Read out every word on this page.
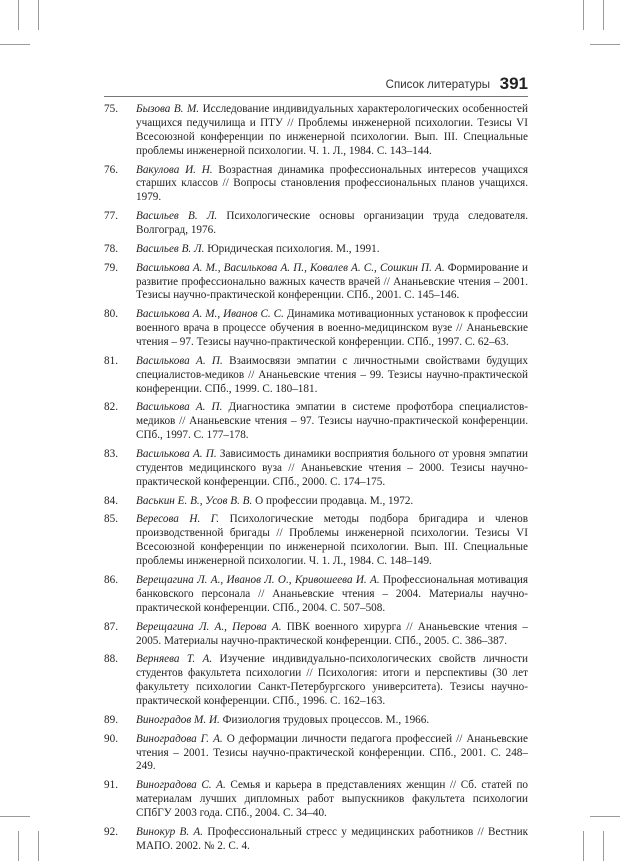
Список литературы 391
75. Бызова В. М. Исследование индивидуальных характерологических особенностей учащихся педучилища и ПТУ // Проблемы инженерной психологии. Тезисы VI Всесоюзной конференции по инженерной психологии. Вып. III. Специальные проблемы инженерной психологии. Ч. 1. Л., 1984. С. 143–144.
76. Вакулова И. Н. Возрастная динамика профессиональных интересов учащихся старших классов // Вопросы становления профессиональных планов учащихся. 1979.
77. Васильев В. Л. Психологические основы организации труда следователя. Волгоград, 1976.
78. Васильев В. Л. Юридическая психология. М., 1991.
79. Василькова А. М., Василькова А. П., Ковалев А. С., Сошкин П. А. Формирование и развитие профессионально важных качеств врачей // Ананьевские чтения – 2001. Тезисы научно-практической конференции. СПб., 2001. С. 145–146.
80. Василькова А. М., Иванов С. С. Динамика мотивационных установок к профессии военного врача в процессе обучения в военно-медицинском вузе // Ананьевские чтения – 97. Тезисы научно-практической конференции. СПб., 1997. С. 62–63.
81. Василькова А. П. Взаимосвязи эмпатии с личностными свойствами будущих специалистов-медиков // Ананьевские чтения – 99. Тезисы научно-практической конференции. СПб., 1999. С. 180–181.
82. Василькова А. П. Диагностика эмпатии в системе профотбора специалистов-медиков // Ананьевские чтения – 97. Тезисы научно-практической конференции. СПб., 1997. С. 177–178.
83. Василькова А. П. Зависимость динамики восприятия больного от уровня эмпатии студентов медицинского вуза // Ананьевские чтения – 2000. Тезисы научно-практической конференции. СПб., 2000. С. 174–175.
84. Васькин Е. В., Усов В. В. О профессии продавца. М., 1972.
85. Вересова Н. Г. Психологические методы подбора бригадира и членов производственной бригады // Проблемы инженерной психологии. Тезисы VI Всесоюзной конференции по инженерной психологии. Вып. III. Специальные проблемы инженерной психологии. Ч. 1. Л., 1984. С. 148–149.
86. Верещагина Л. А., Иванов Л. О., Кривошеева И. А. Профессиональная мотивация банковского персонала // Ананьевские чтения – 2004. Материалы научно-практической конференции. СПб., 2004. С. 507–508.
87. Верещагина Л. А., Перова А. ПВК военного хирурга // Ананьевские чтения – 2005. Материалы научно-практической конференции. СПб., 2005. С. 386–387.
88. Верняева Т. А. Изучение индивидуально-психологических свойств личности студентов факультета психологии // Психология: итоги и перспективы (30 лет факультету психологии Санкт-Петербургского университета). Тезисы научно-практической конференции. СПб., 1996. С. 162–163.
89. Виноградов М. И. Физиология трудовых процессов. М., 1966.
90. Виноградова Г. А. О деформации личности педагога профессией // Ананьевские чтения – 2001. Тезисы научно-практической конференции. СПб., 2001. С. 248–249.
91. Виноградова С. А. Семья и карьера в представлениях женщин // Сб. статей по материалам лучших дипломных работ выпускников факультета психологии СПбГУ 2003 года. СПб., 2004. С. 34–40.
92. Винокур В. А. Профессиональный стресс у медицинских работников // Вестник МАПО. 2002. № 2. С. 4.
